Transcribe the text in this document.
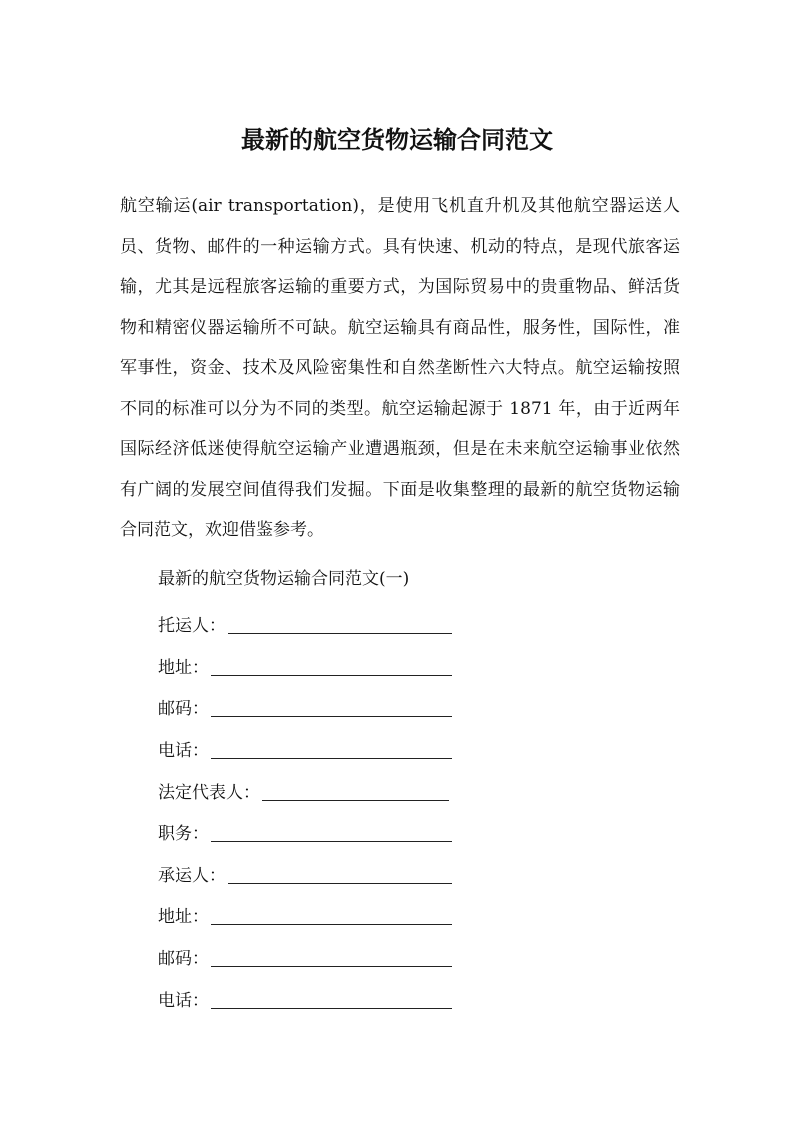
最新的航空货物运输合同范文

航空输运(air transportation)，是使用飞机直升机及其他航空器运送人员、货物、邮件的一种运输方式。具有快速、机动的特点，是现代旅客运输，尤其是远程旅客运输的重要方式，为国际贸易中的贵重物品、鲜活货物和精密仪器运输所不可缺。航空运输具有商品性，服务性，国际性，准军事性，资金、技术及风险密集性和自然垄断性六大特点。航空运输按照不同的标准可以分为不同的类型。航空运输起源于 1871 年，由于近两年国际经济低迷使得航空运输产业遭遇瓶颈，但是在未来航空运输事业依然有广阔的发展空间值得我们发掘。下面是收集整理的最新的航空货物运输合同范文，欢迎借鉴参考。

最新的航空货物运输合同范文(一)
托运人：
地址：
邮码：
电话：
法定代表人：
职务：
承运人：
地址：
邮码：
电话：
